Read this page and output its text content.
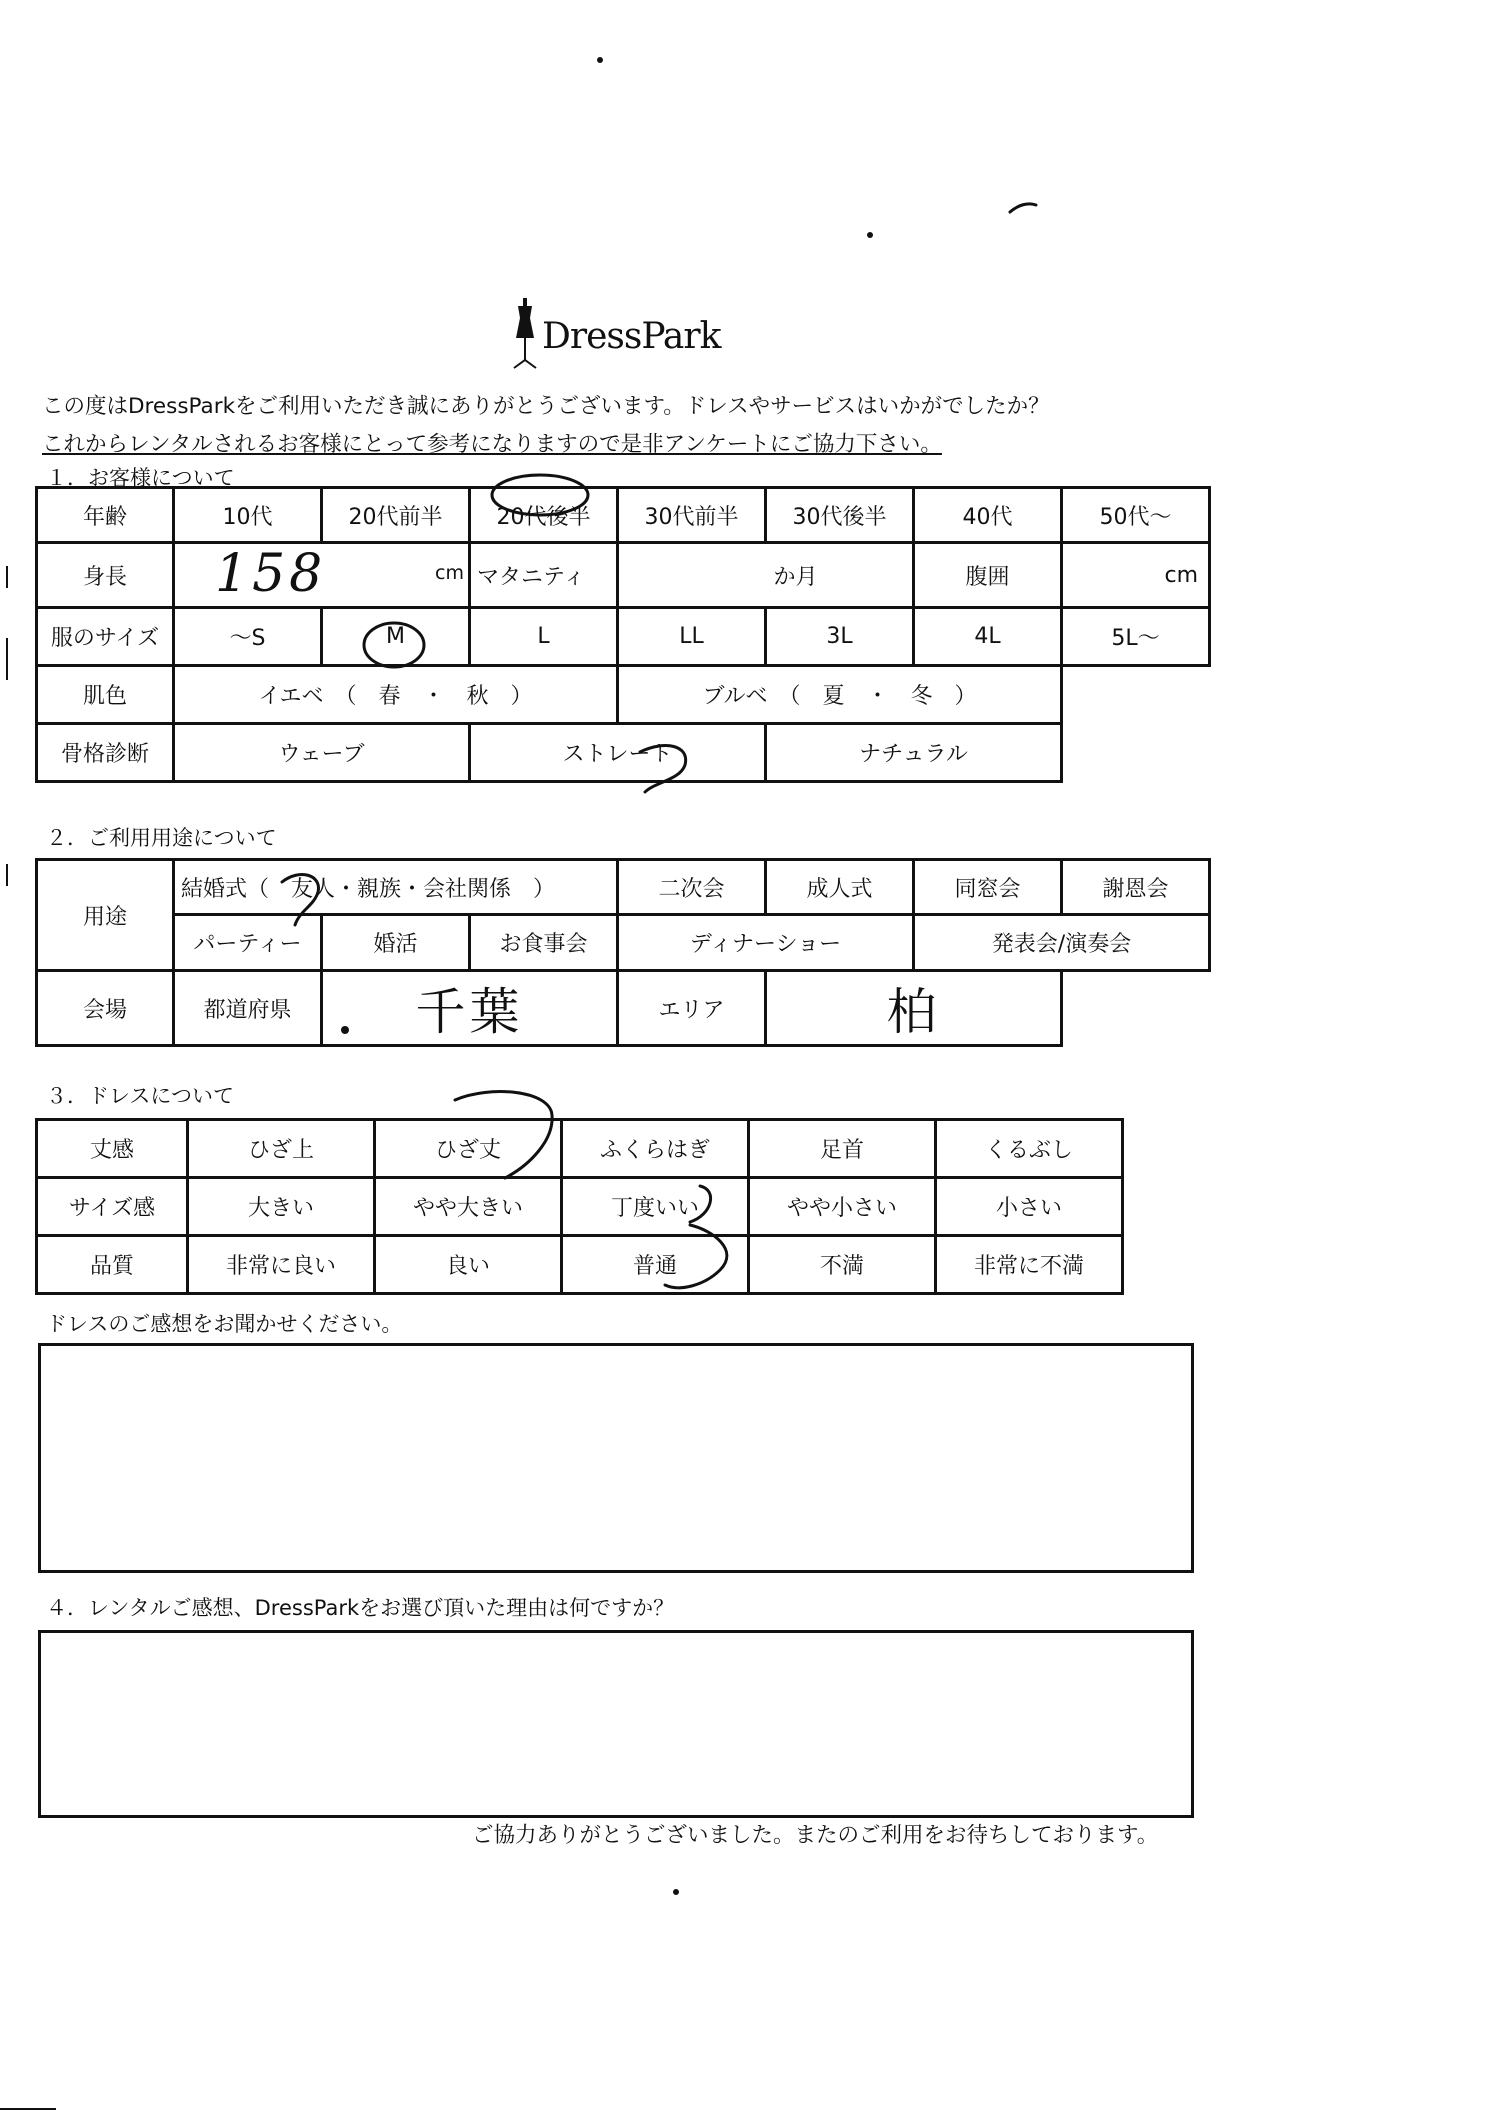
DressPark
この度はDressParkをご利用いただき誠にありがとうございます。ドレスやサービスはいかがでしたか？
これからレンタルされるお客様にとって参考になりますので是非アンケートにご協力下さい。
１．お客様について
年齢	10代	20代前半	20代後半	30代前半	30代後半	40代	50代～
身長	158 cm		マタニティ	か月		腹囲	cm
服のサイズ	～S	M	L	LL	3L	4L	5L～
肌色	イエベ　（　春　・　秋　）			ブルベ　（　夏　・　冬　）			
骨格診断	ウェーブ		ストレート		ナチュラル		
２．ご利用用途について
用途	結婚式（　友人・親族・会社関係　）			二次会	成人式	同窓会	謝恩会
	パーティー	婚活	お食事会	ディナーショー		発表会/演奏会	
会場	都道府県	千葉		エリア	柏		
３．ドレスについて
丈感	ひざ上	ひざ丈	ふくらはぎ	足首	くるぶし
サイズ感	大きい	やや大きい	丁度いい	やや小さい	小さい
品質	非常に良い	良い	普通	不満	非常に不満
ドレスのご感想をお聞かせください。
４．レンタルご感想、DressParkをお選び頂いた理由は何ですか？
ご協力ありがとうございました。またのご利用をお待ちしております。
